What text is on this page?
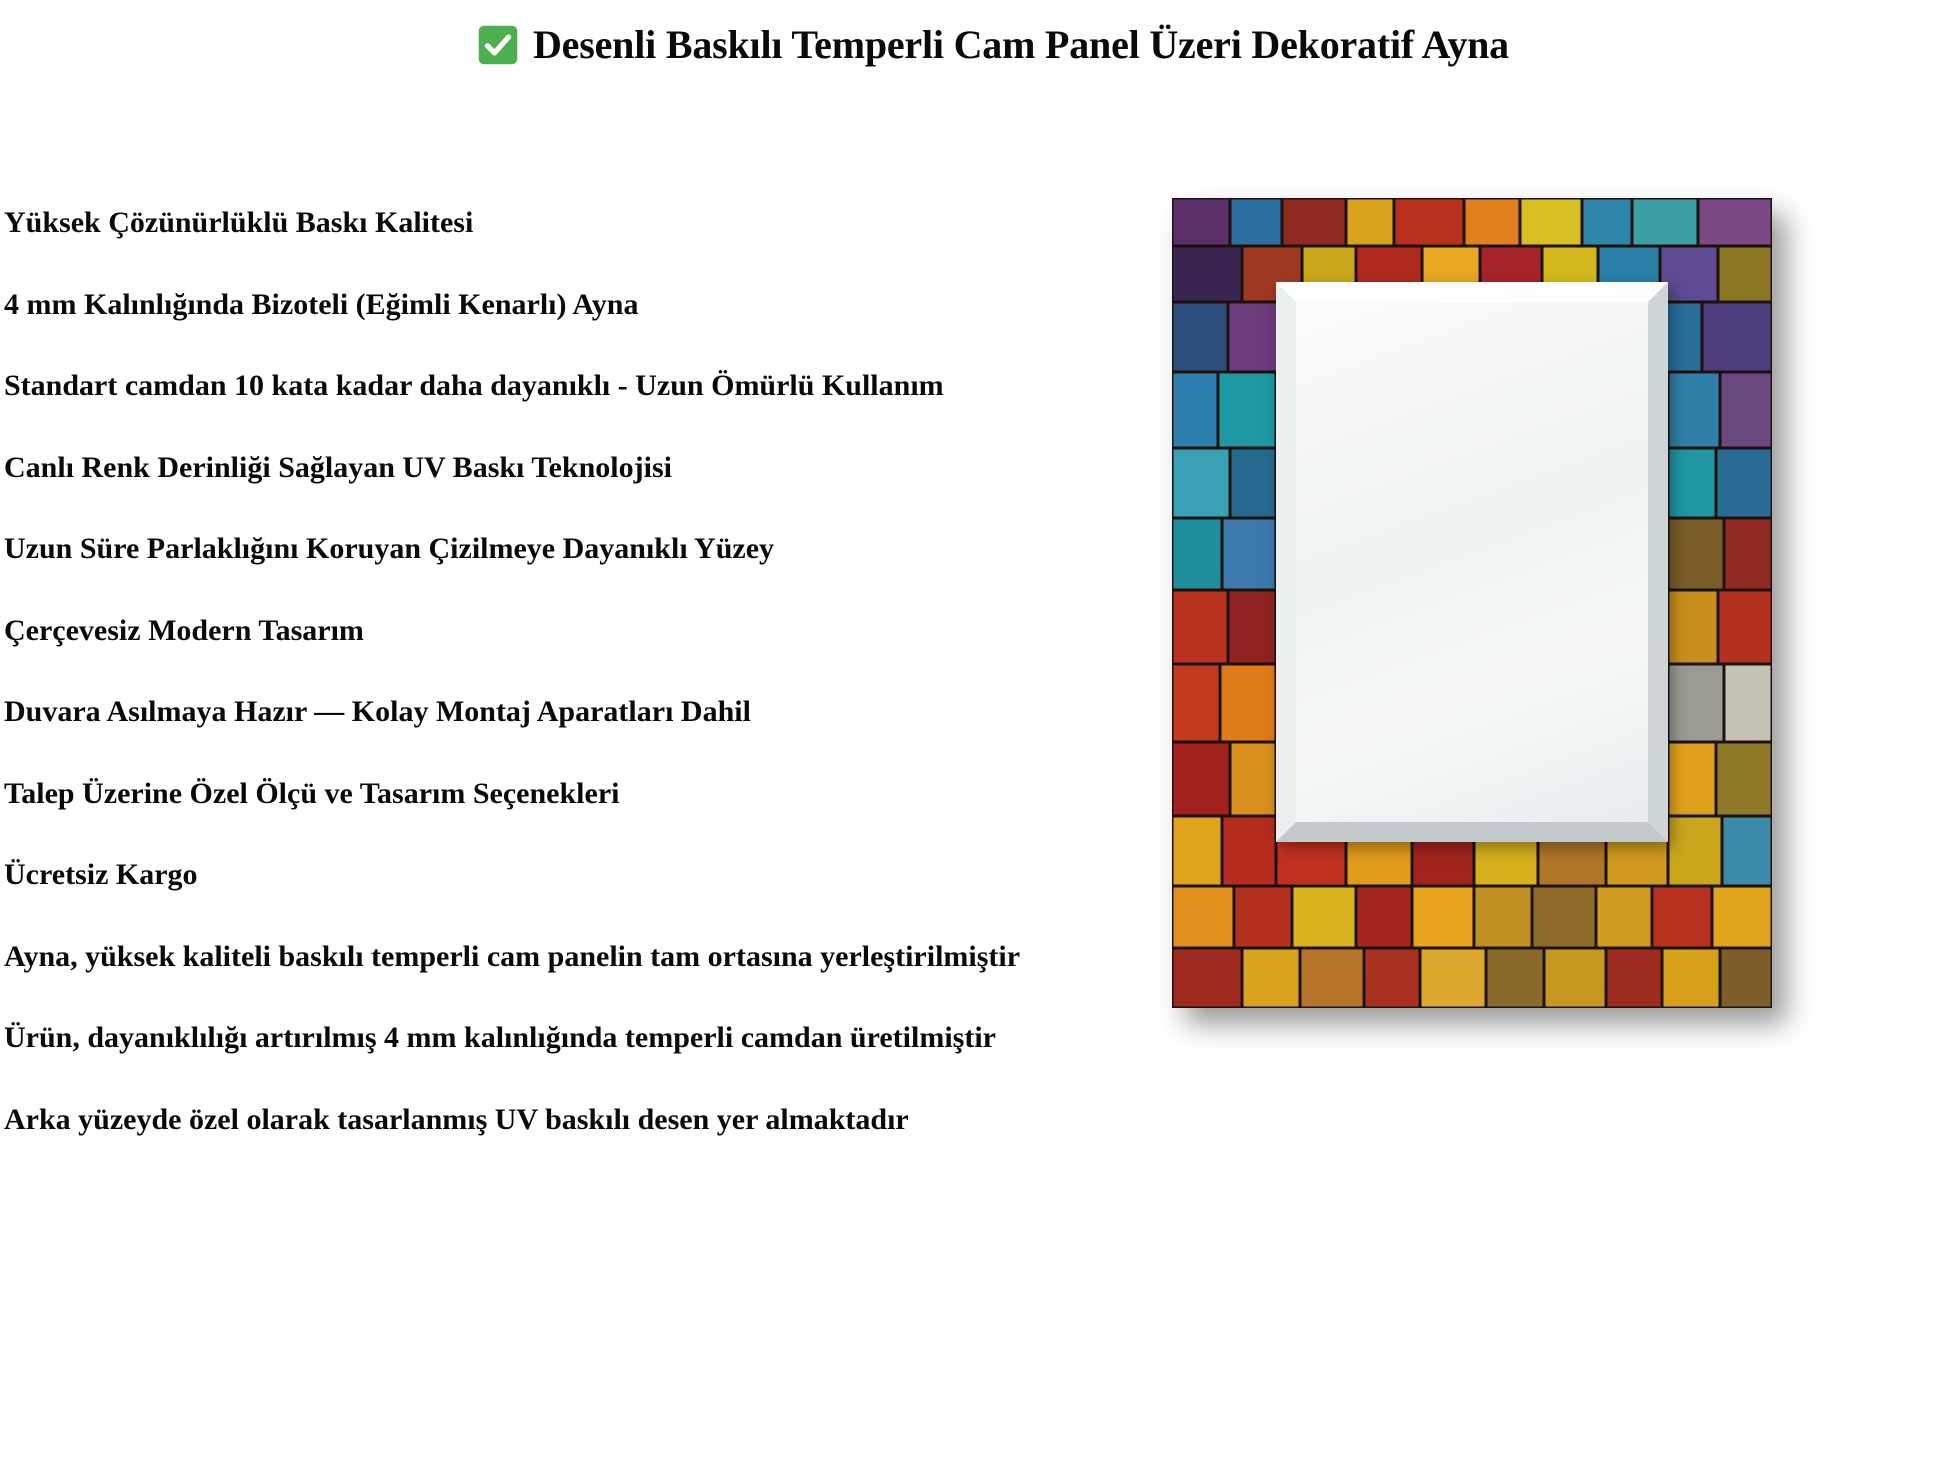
Desenli Baskılı Temperli Cam Panel Üzeri Dekoratif Ayna

Yüksek Çözünürlüklü Baskı Kalitesi

4 mm Kalınlığında Bizoteli (Eğimli Kenarlı) Ayna

Standart camdan 10 kata kadar daha dayanıklı - Uzun Ömürlü Kullanım

Canlı Renk Derinliği Sağlayan UV Baskı Teknolojisi

Uzun Süre Parlaklığını Koruyan Çizilmeye Dayanıklı Yüzey

Çerçevesiz Modern Tasarım

Duvara Asılmaya Hazır — Kolay Montaj Aparatları Dahil

Talep Üzerine Özel Ölçü ve Tasarım Seçenekleri

Ücretsiz Kargo

Ayna, yüksek kaliteli baskılı temperli cam panelin tam ortasına yerleştirilmiştir

Ürün, dayanıklılığı artırılmış 4 mm kalınlığında temperli camdan üretilmiştir

Arka yüzeyde özel olarak tasarlanmış UV baskılı desen yer almaktadır
